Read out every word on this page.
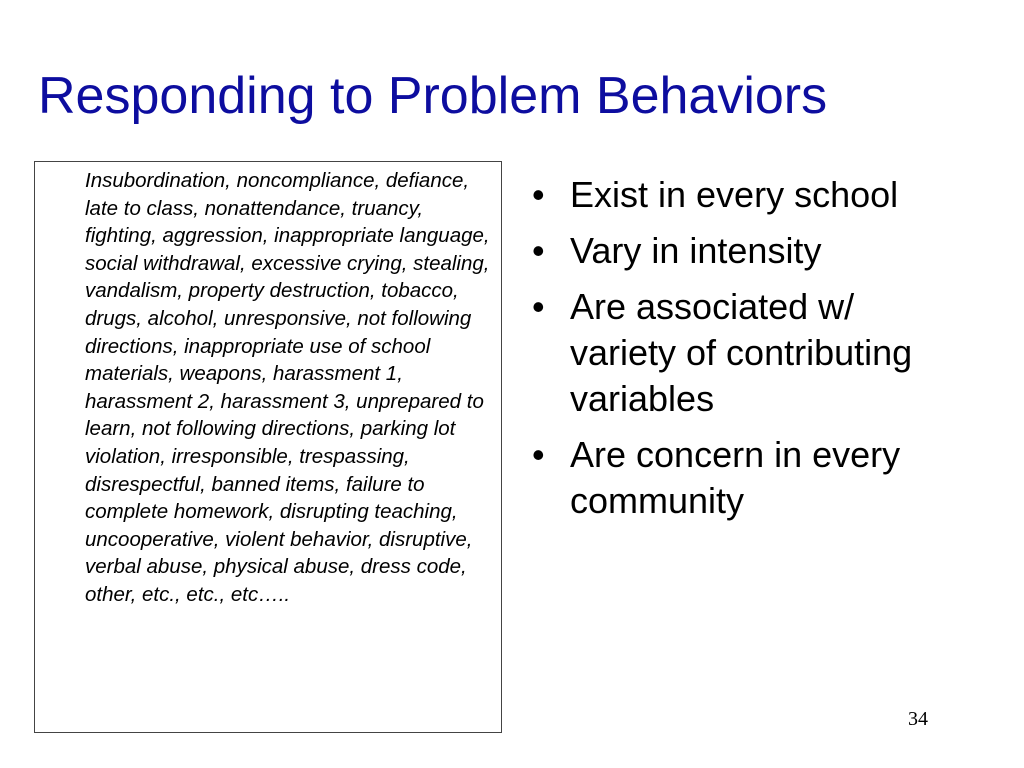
Responding to Problem Behaviors

Insubordination, noncompliance, defiance, late to class, nonattendance, truancy, fighting, aggression, inappropriate language, social withdrawal, excessive crying, stealing, vandalism, property destruction, tobacco, drugs, alcohol, unresponsive, not following directions, inappropriate use of school materials, weapons, harassment 1, harassment 2, harassment 3, unprepared to learn, not following directions, parking lot violation, irresponsible, trespassing, disrespectful, banned items, failure to complete homework, disrupting teaching, uncooperative, violent behavior, disruptive, verbal abuse, physical abuse, dress code, other, etc., etc., etc…..

• Exist in every school
• Vary in intensity
• Are associated w/ variety of contributing variables
• Are concern in every community
34
